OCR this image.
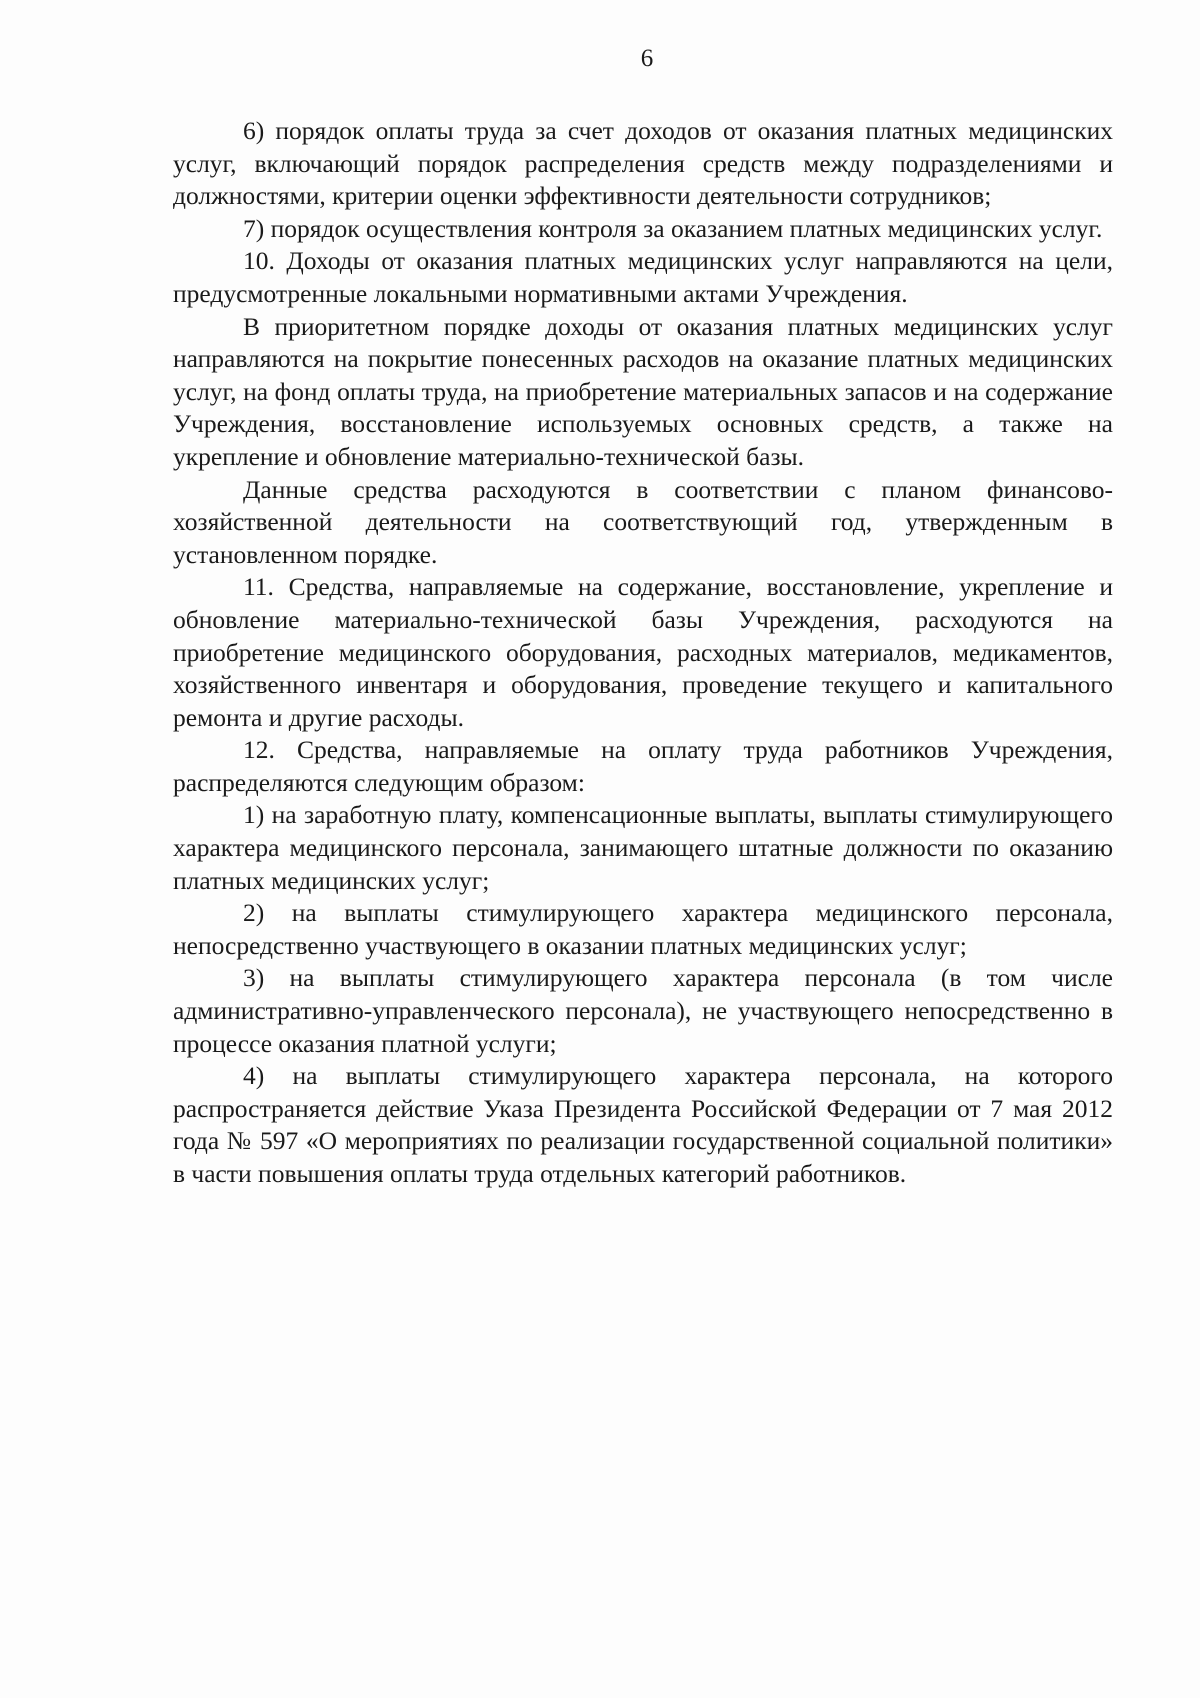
6

6) порядок оплаты труда за счет доходов от оказания платных медицинских услуг, включающий порядок распределения средств между подразделениями и должностями, критерии оценки эффективности деятельности сотрудников;

7) порядок осуществления контроля за оказанием платных медицинских услуг.

10. Доходы от оказания платных медицинских услуг направляются на цели, предусмотренные локальными нормативными актами Учреждения.

В приоритетном порядке доходы от оказания платных медицинских услуг направляются на покрытие понесенных расходов на оказание платных медицинских услуг, на фонд оплаты труда, на приобретение материальных запасов и на содержание Учреждения, восстановление используемых основных средств, а также на укрепление и обновление материально-технической базы.

Данные средства расходуются в соответствии с планом финансово-хозяйственной деятельности на соответствующий год, утвержденным в установленном порядке.

11. Средства, направляемые на содержание, восстановление, укрепление и обновление материально-технической базы Учреждения, расходуются на приобретение медицинского оборудования, расходных материалов, медикаментов, хозяйственного инвентаря и оборудования, проведение текущего и капитального ремонта и другие расходы.

12. Средства, направляемые на оплату труда работников Учреждения, распределяются следующим образом:

1) на заработную плату, компенсационные выплаты, выплаты стимулирующего характера медицинского персонала, занимающего штатные должности по оказанию платных медицинских услуг;

2) на выплаты стимулирующего характера медицинского персонала, непосредственно участвующего в оказании платных медицинских услуг;

3) на выплаты стимулирующего характера персонала (в том числе административно-управленческого персонала), не участвующего непосредственно в процессе оказания платной услуги;

4) на выплаты стимулирующего характера персонала, на которого распространяется действие Указа Президента Российской Федерации от 7 мая 2012 года № 597 «О мероприятиях по реализации государственной социальной политики» в части повышения оплаты труда отдельных категорий работников.
